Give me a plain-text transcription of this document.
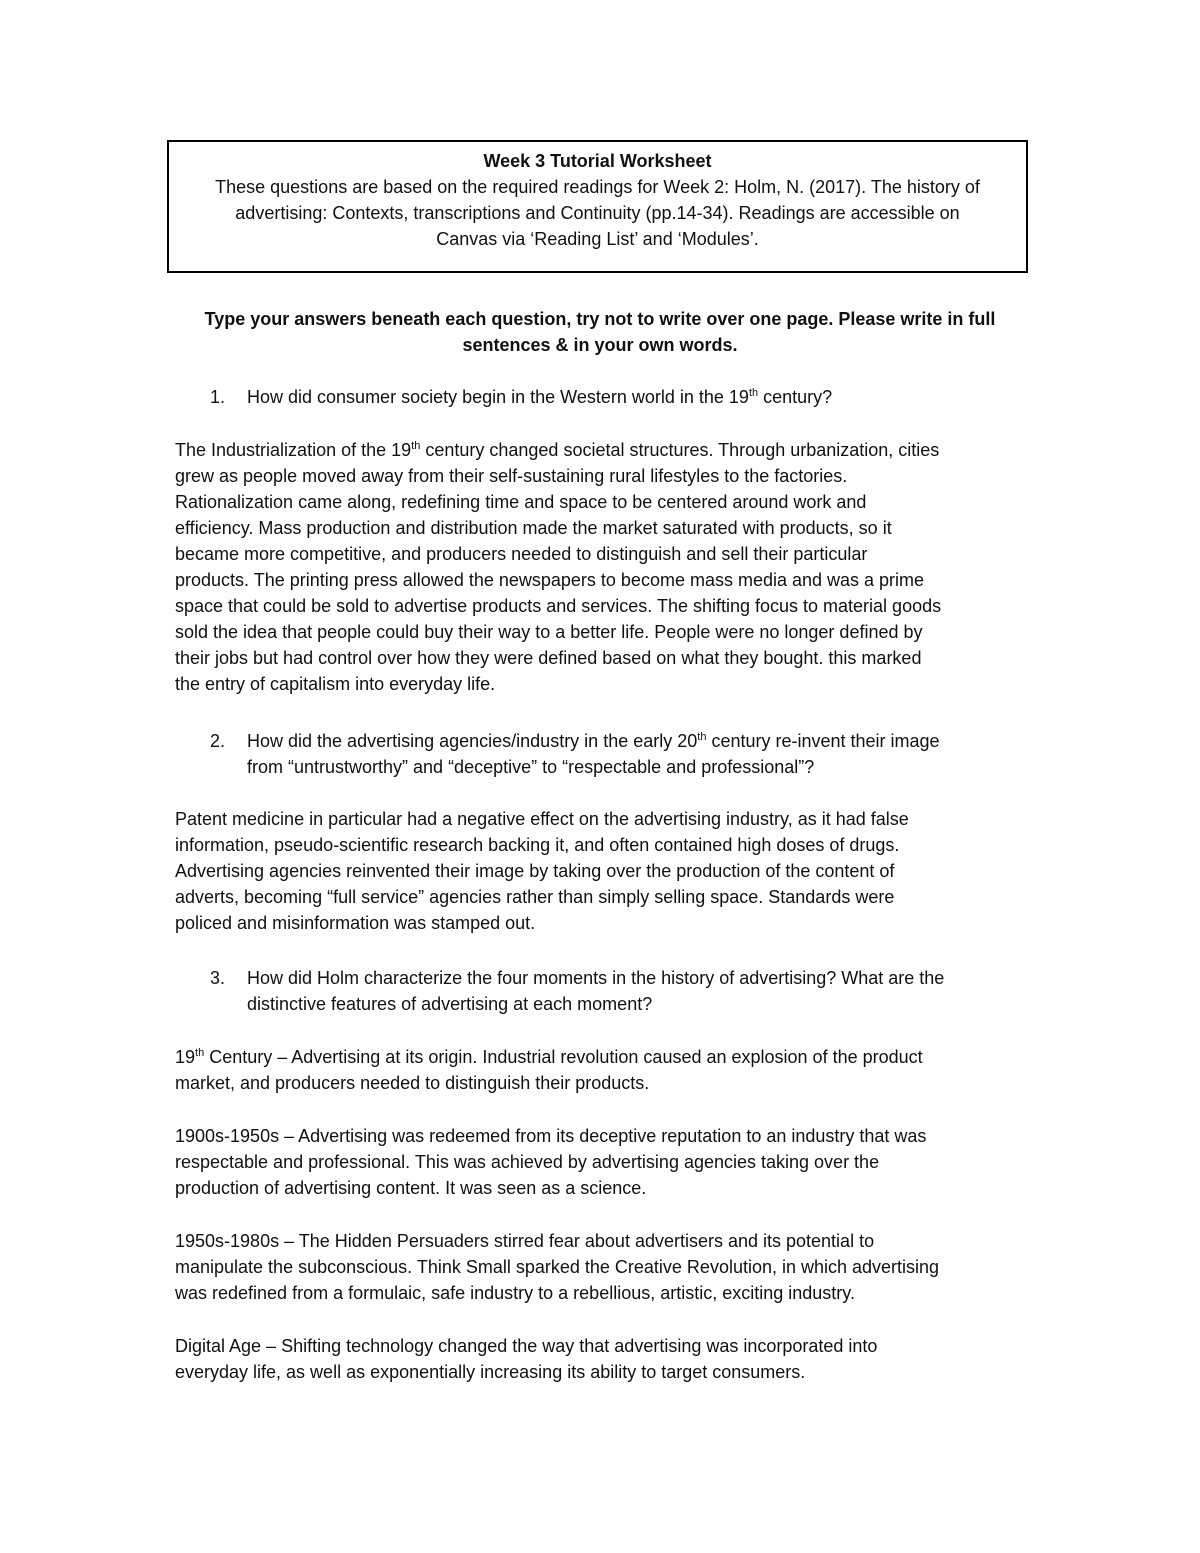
Week 3 Tutorial Worksheet
These questions are based on the required readings for Week 2: Holm, N. (2017). The history of
advertising: Contexts, transcriptions and Continuity (pp.14-34). Readings are accessible on
Canvas via ‘Reading List’ and ‘Modules’.
Type your answers beneath each question, try not to write over one page. Please write in full
sentences & in your own words.
1. How did consumer society begin in the Western world in the 19th century?
The Industrialization of the 19th century changed societal structures. Through urbanization, cities
grew as people moved away from their self-sustaining rural lifestyles to the factories.
Rationalization came along, redefining time and space to be centered around work and
efficiency. Mass production and distribution made the market saturated with products, so it
became more competitive, and producers needed to distinguish and sell their particular
products. The printing press allowed the newspapers to become mass media and was a prime
space that could be sold to advertise products and services. The shifting focus to material goods
sold the idea that people could buy their way to a better life. People were no longer defined by
their jobs but had control over how they were defined based on what they bought. this marked
the entry of capitalism into everyday life.
2. How did the advertising agencies/industry in the early 20th century re-invent their image
from “untrustworthy” and “deceptive” to “respectable and professional”?
Patent medicine in particular had a negative effect on the advertising industry, as it had false
information, pseudo-scientific research backing it, and often contained high doses of drugs.
Advertising agencies reinvented their image by taking over the production of the content of
adverts, becoming “full service” agencies rather than simply selling space. Standards were
policed and misinformation was stamped out.
3. How did Holm characterize the four moments in the history of advertising? What are the
distinctive features of advertising at each moment?
19th Century – Advertising at its origin. Industrial revolution caused an explosion of the product
market, and producers needed to distinguish their products.
1900s-1950s – Advertising was redeemed from its deceptive reputation to an industry that was
respectable and professional. This was achieved by advertising agencies taking over the
production of advertising content. It was seen as a science.
1950s-1980s – The Hidden Persuaders stirred fear about advertisers and its potential to
manipulate the subconscious. Think Small sparked the Creative Revolution, in which advertising
was redefined from a formulaic, safe industry to a rebellious, artistic, exciting industry.
Digital Age – Shifting technology changed the way that advertising was incorporated into
everyday life, as well as exponentially increasing its ability to target consumers.
